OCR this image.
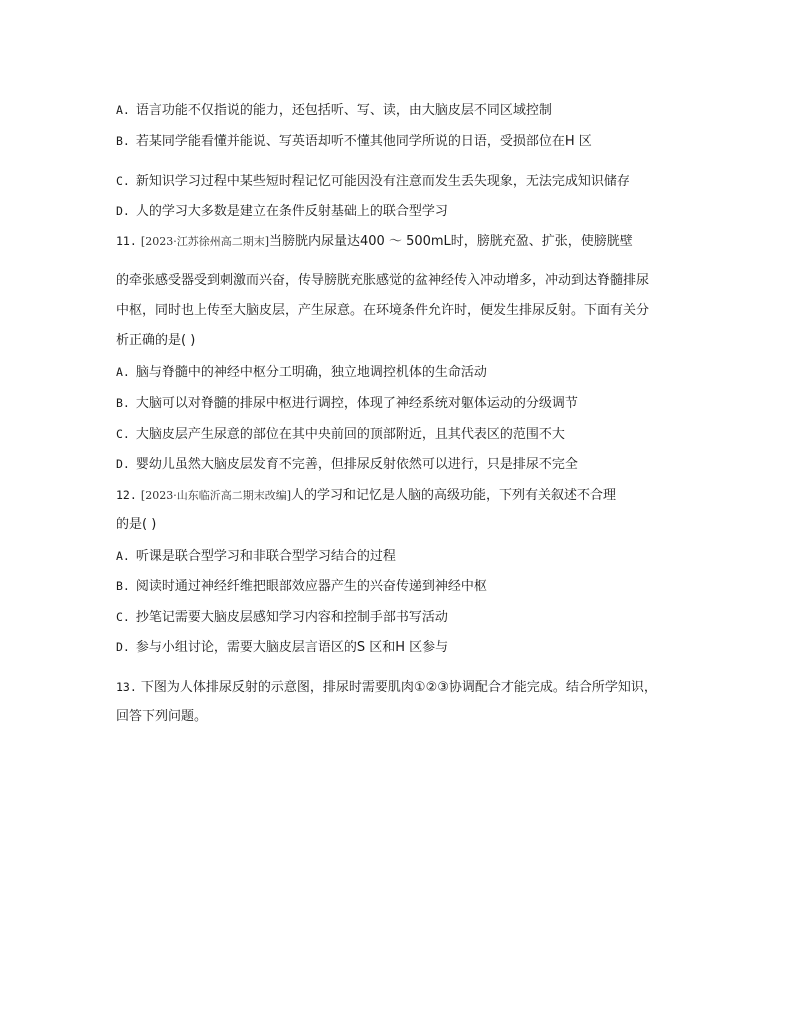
A. 语言功能不仅指说的能力，还包括听、写、读，由大脑皮层不同区域控制
B. 若某同学能看懂并能说、写英语却听不懂其他同学所说的日语，受损部位在H 区
C. 新知识学习过程中某些短时程记忆可能因没有注意而发生丢失现象，无法完成知识储存
D. 人的学习大多数是建立在条件反射基础上的联合型学习
11. [2023·江苏徐州高二期末]当膀胱内尿量达400 ～ 500mL时，膀胱充盈、扩张，使膀胱壁
的牵张感受器受到刺激而兴奋，传导膀胱充胀感觉的盆神经传入冲动增多，冲动到达脊髓排尿
中枢，同时也上传至大脑皮层，产生尿意。在环境条件允许时，便发生排尿反射。下面有关分
析正确的是( )
A. 脑与脊髓中的神经中枢分工明确，独立地调控机体的生命活动
B. 大脑可以对脊髓的排尿中枢进行调控，体现了神经系统对躯体运动的分级调节
C. 大脑皮层产生尿意的部位在其中央前回的顶部附近，且其代表区的范围不大
D. 婴幼儿虽然大脑皮层发育不完善，但排尿反射依然可以进行，只是排尿不完全
12. [2023·山东临沂高二期末改编]人的学习和记忆是人脑的高级功能，下列有关叙述不合理
的是( )
A. 听课是联合型学习和非联合型学习结合的过程
B. 阅读时通过神经纤维把眼部效应器产生的兴奋传递到神经中枢
C. 抄笔记需要大脑皮层感知学习内容和控制手部书写活动
D. 参与小组讨论，需要大脑皮层言语区的S 区和H 区参与
13. 下图为人体排尿反射的示意图，排尿时需要肌肉①②③协调配合才能完成。结合所学知识，
回答下列问题。
